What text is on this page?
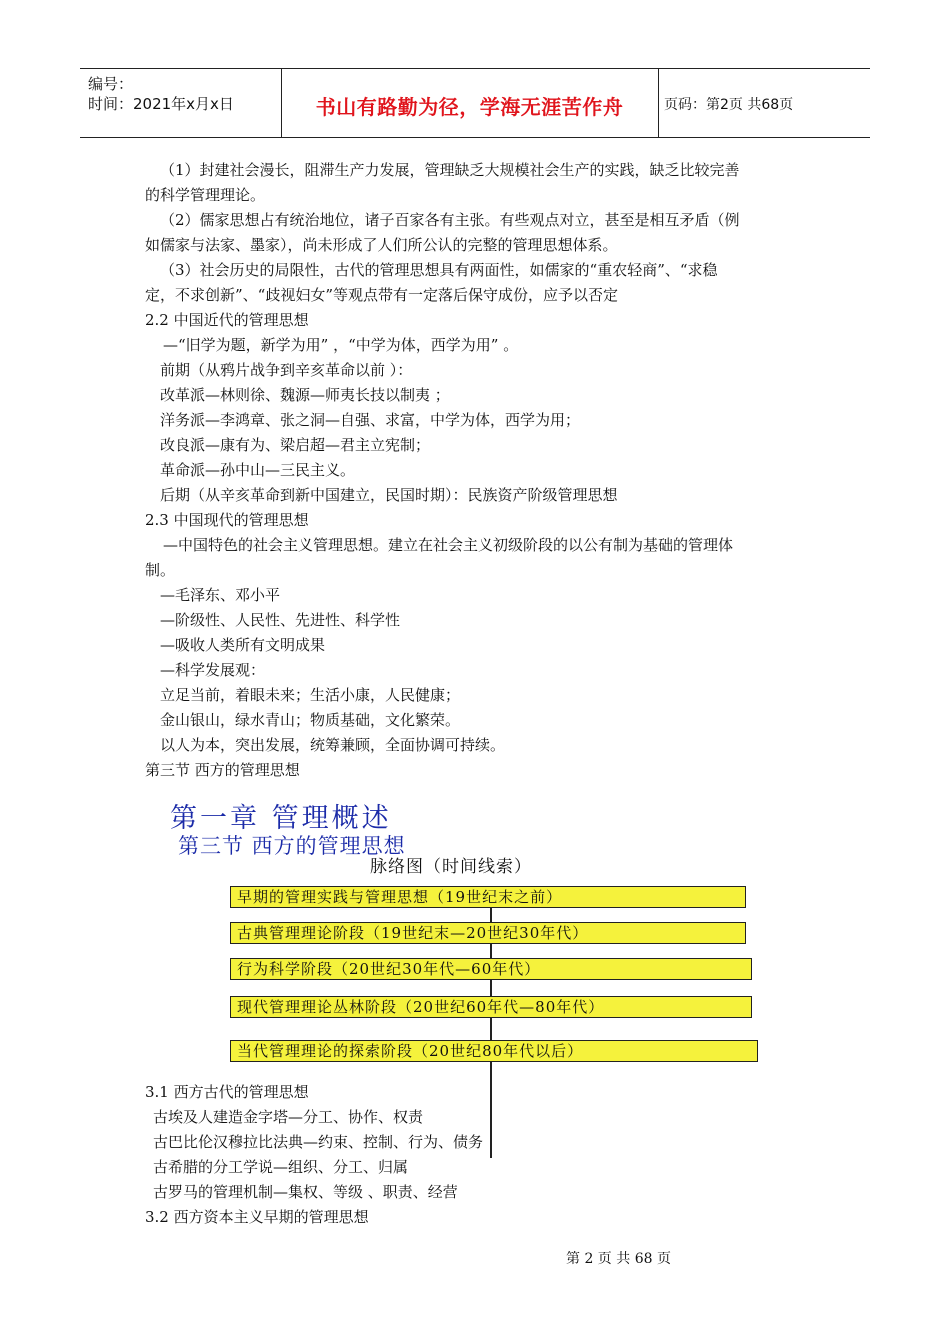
编号：
时间：2021年x月x日	书山有路勤为径，学海无涯苦作舟	页码：第2页 共68页
（1）封建社会漫长，阻滞生产力发展，管理缺乏大规模社会生产的实践，缺乏比较完善
的科学管理理论。
（2）儒家思想占有统治地位，诸子百家各有主张。有些观点对立，甚至是相互矛盾（例
如儒家与法家、墨家），尚未形成了人们所公认的完整的管理思想体系。
（3）社会历史的局限性，古代的管理思想具有两面性，如儒家的“重农轻商”、“求稳
定，不求创新”、“歧视妇女”等观点带有一定落后保守成份，应予以否定
2.2 中国近代的管理思想
—“旧学为题，新学为用” ，“中学为体，西学为用” 。
前期（从鸦片战争到辛亥革命以前 ）：
改革派—林则徐、魏源—师夷长技以制夷 ；
洋务派—李鸿章、张之洞—自强、求富，中学为体，西学为用；
改良派—康有为、梁启超—君主立宪制；
革命派—孙中山—三民主义。
后期（从辛亥革命到新中国建立，民国时期）：民族资产阶级管理思想
2.3 中国现代的管理思想
—中国特色的社会主义管理思想。建立在社会主义初级阶段的以公有制为基础的管理体
制。
—毛泽东、邓小平
—阶级性、人民性、先进性、科学性
—吸收人类所有文明成果
—科学发展观：
立足当前，着眼未来；生活小康，人民健康；
金山银山，绿水青山；物质基础，文化繁荣。
以人为本，突出发展，统筹兼顾，全面协调可持续。
第三节 西方的管理思想
第一章 管理概述
第三节 西方的管理思想
脉络图（时间线索）
早期的管理实践与管理思想（19世纪末之前）
古典管理理论阶段（19世纪末—20世纪30年代）
行为科学阶段（20世纪30年代—60年代）
现代管理理论丛林阶段（20世纪60年代—80年代）
当代管理理论的探索阶段（20世纪80年代以后）
3.1 西方古代的管理思想
古埃及人建造金字塔—分工、协作、权责
古巴比伦汉穆拉比法典—约束、控制、行为、债务
古希腊的分工学说—组织、分工、归属
古罗马的管理机制—集权、等级 、职责、经营
3.2 西方资本主义早期的管理思想
第 2 页 共 68 页
